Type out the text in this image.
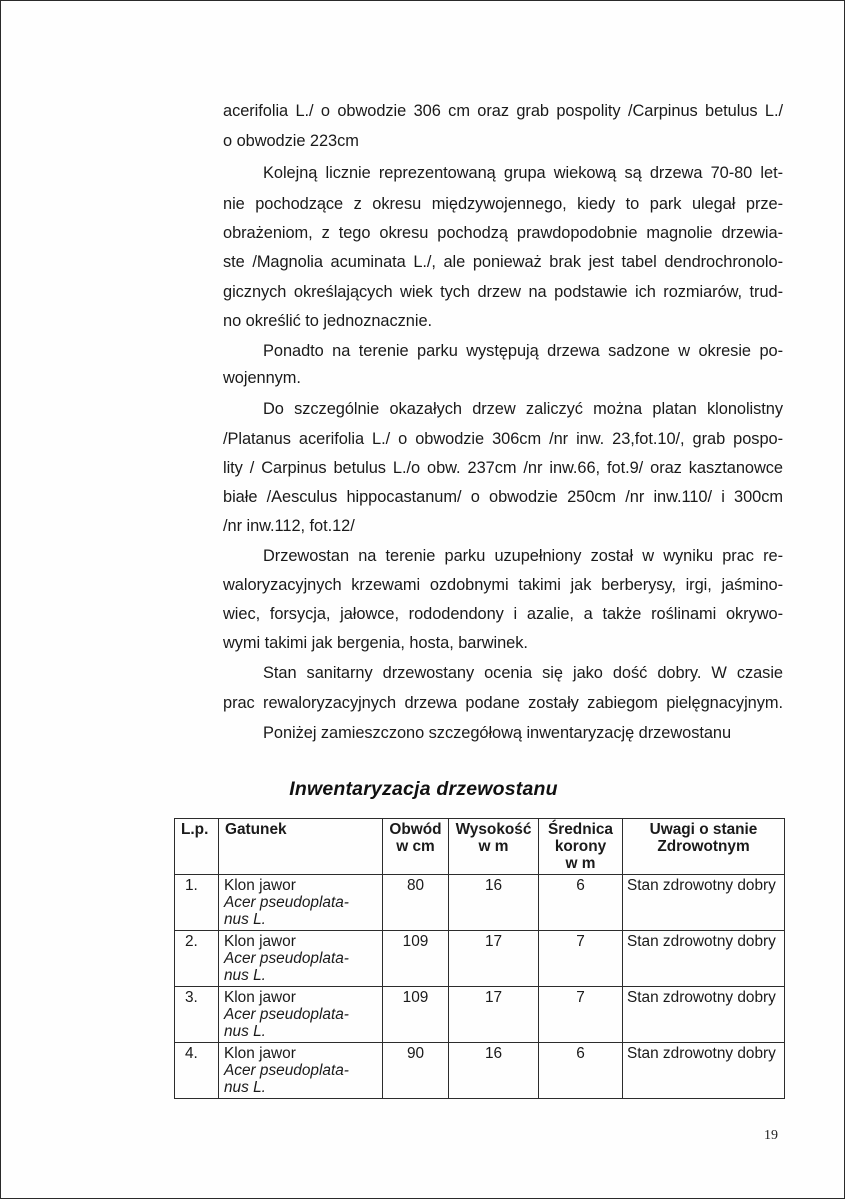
acerifolia L./ o obwodzie 306 cm oraz grab pospolity /Carpinus betulus L./
o obwodzie 223cm
Kolejną licznie reprezentowaną grupa wiekową są drzewa 70-80 let-
nie pochodzące z okresu międzywojennego, kiedy to park ulegał prze-
obrażeniom, z tego okresu pochodzą prawdopodobnie magnolie drzewia-
ste /Magnolia acuminata L./, ale ponieważ brak jest tabel dendrochronolo-
gicznych określających wiek tych drzew na podstawie ich rozmiarów, trud-
no określić to jednoznacznie.
Ponadto na terenie parku występują drzewa sadzone w okresie po-
wojennym.
Do szczególnie okazałych drzew zaliczyć można platan klonolistny
/Platanus acerifolia L./ o obwodzie 306cm /nr inw. 23,fot.10/, grab pospo-
lity / Carpinus betulus L./o obw. 237cm /nr inw.66, fot.9/ oraz kasztanowce
białe /Aesculus hippocastanum/ o obwodzie 250cm /nr inw.110/ i 300cm
/nr inw.112, fot.12/
Drzewostan na terenie parku uzupełniony został w wyniku prac re-
waloryzacyjnych krzewami ozdobnymi takimi jak berberysy, irgi, jaśmino-
wiec, forsycja, jałowce, rododendony i azalie, a także roślinami okrywo-
wymi takimi jak bergenia, hosta, barwinek.
Stan sanitarny drzewostany ocenia się jako dość dobry. W czasie
prac rewaloryzacyjnych drzewa podane zostały zabiegom pielęgnacyjnym.
Poniżej zamieszczono szczegółową inwentaryzację drzewostanu
Inwentaryzacja drzewostanu
L.p.	Gatunek	Obwód
w cm	Wysokość
w m	Średnica
korony
w m	Uwagi o stanie
Zdrowotnym
1.	Klon jawor
Acer pseudoplata-
nus L.	80	16	6	Stan zdrowotny dobry
2.	Klon jawor
Acer pseudoplata-
nus L.	109	17	7	Stan zdrowotny dobry
3.	Klon jawor
Acer pseudoplata-
nus L.	109	17	7	Stan zdrowotny dobry
4.	Klon jawor
Acer pseudoplata-
nus L.	90	16	6	Stan zdrowotny dobry
19
